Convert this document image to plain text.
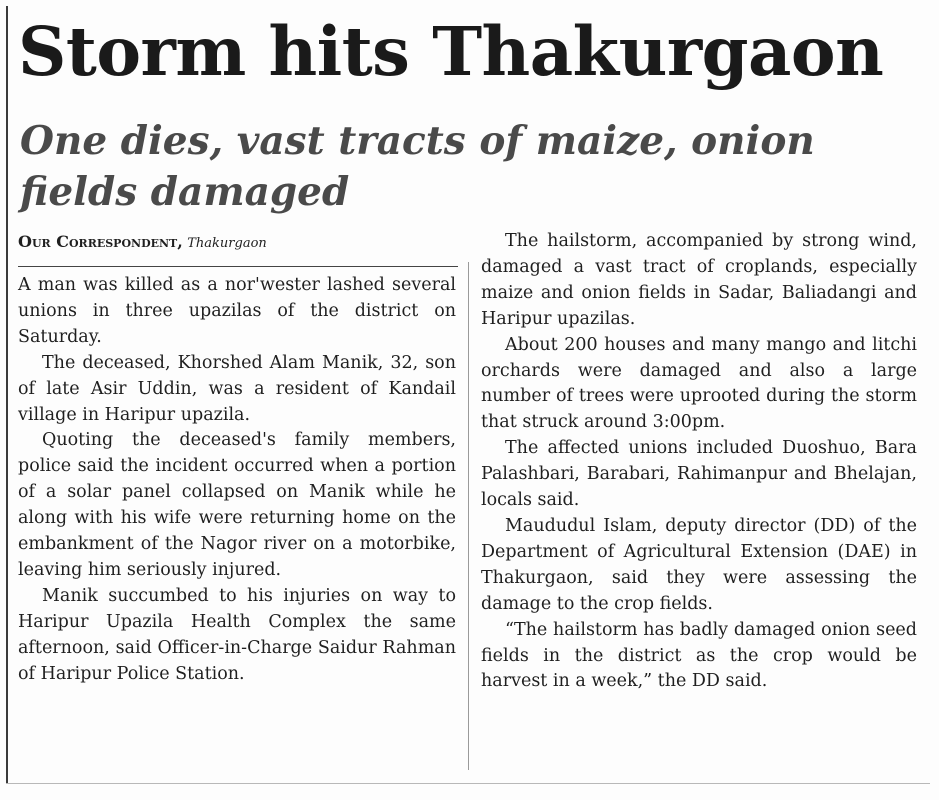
Storm hits Thakurgaon
One dies, vast tracts of maize, onion fields damaged
Our Correspondent, Thakurgaon

A man was killed as a nor'wester lashed several unions in three upazilas of the district on Saturday.

The deceased, Khorshed Alam Manik, 32, son of late Asir Uddin, was a resident of Kandail village in Haripur upazila.

Quoting the deceased's family members, police said the incident occurred when a portion of a solar panel collapsed on Manik while he along with his wife were returning home on the embankment of the Nagor river on a motorbike, leaving him seriously injured.

Manik succumbed to his injuries on way to Haripur Upazila Health Complex the same afternoon, said Officer-in-Charge Saidur Rahman of Haripur Police Station.

The hailstorm, accompanied by strong wind, damaged a vast tract of croplands, especially maize and onion fields in Sadar, Baliadangi and Haripur upazilas.

About 200 houses and many mango and litchi orchards were damaged and also a large number of trees were uprooted during the storm that struck around 3:00pm.

The affected unions included Duoshuo, Bara Palashbari, Barabari, Rahimanpur and Bhelajan, locals said.

Maududul Islam, deputy director (DD) of the Department of Agricultural Extension (DAE) in Thakurgaon, said they were assessing the damage to the crop fields.

“The hailstorm has badly damaged onion seed fields in the district as the crop would be harvest in a week,” the DD said.
